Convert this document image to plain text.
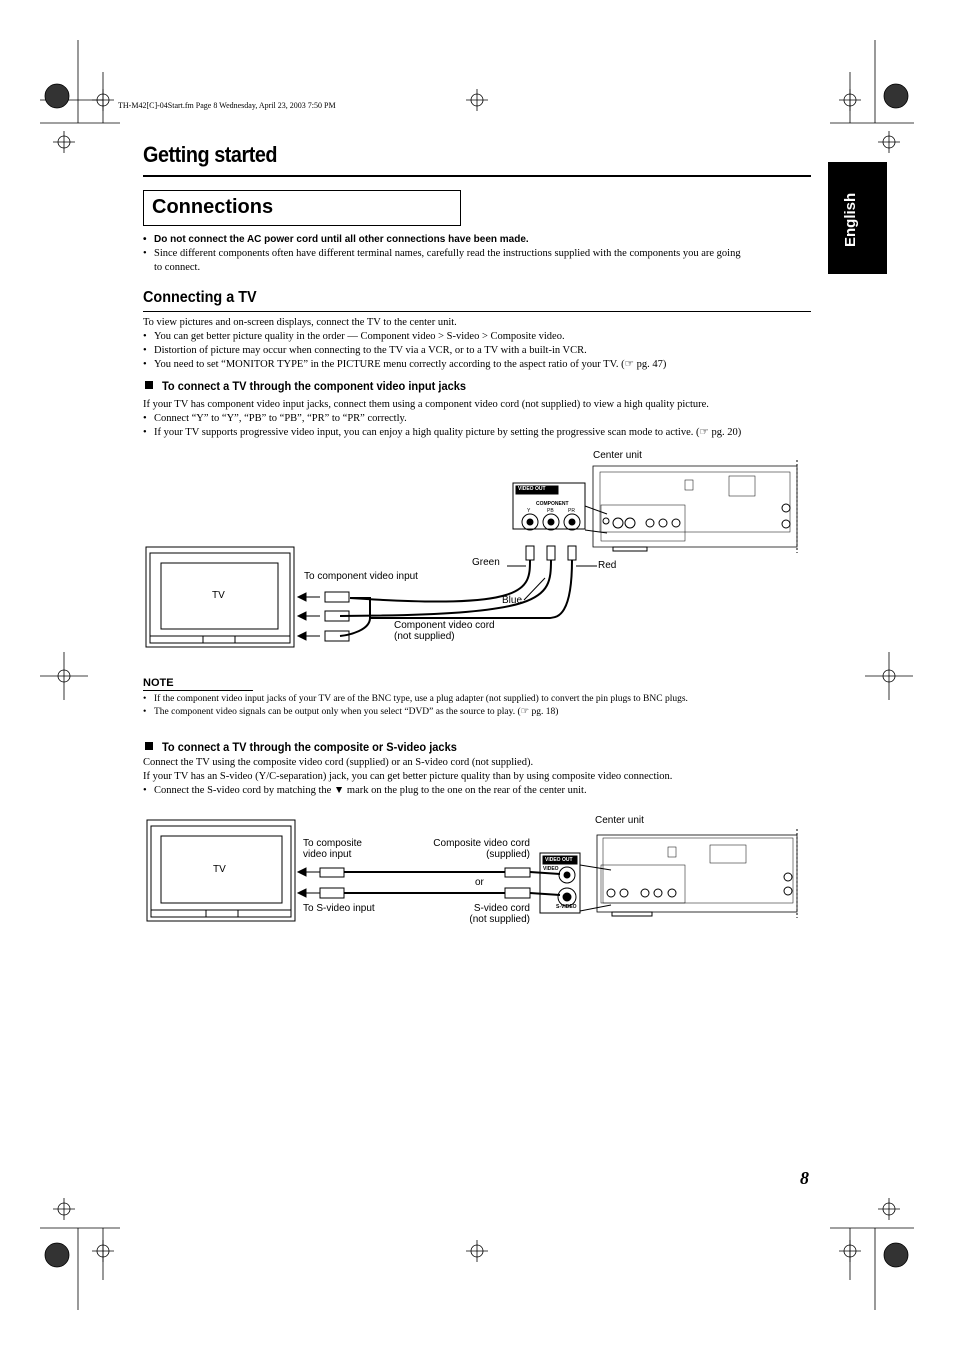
TH-M42[C]-04Start.fm Page 8 Wednesday, April 23, 2003 7:50 PM
Getting started
Connections	English
• Do not connect the AC power cord until all other connections have been made.
• Since different components often have different terminal names, carefully read the instructions supplied with the components you are going
to connect.
Connecting a TV
To view pictures and on-screen displays, connect the TV to the center unit.
• You can get better picture quality in the order — Component video > S-video > Composite video.
• Distortion of picture may occur when connecting to the TV via a VCR, or to a TV with a built-in VCR.
• You need to set “MONITOR TYPE” in the PICTURE menu correctly according to the aspect ratio of your TV. (☞ pg. 47)
To connect a TV through the component video input jacks
If your TV has component video input jacks, connect them using a component video cord (not supplied) to view a high quality picture.
• Connect “Y” to “Y”, “PB” to “PB”, “PR” to “PR” correctly.
• If your TV supports progressive video input, you can enjoy a high quality picture by setting the progressive scan mode to active. (☞ pg. 20)
Center unit
TV
To component video input
Green	Red
Blue
Component video cord
(not supplied)
VIDEO OUT
COMPONENT
Y	PB	PR
NOTE
• If the component video input jacks of your TV are of the BNC type, use a plug adapter (not supplied) to convert the pin plugs to BNC plugs.
• The component video signals can be output only when you select “DVD” as the source to play. (☞ pg. 18)
To connect a TV through the composite or S-video jacks
Connect the TV using the composite video cord (supplied) or an S-video cord (not supplied).
If your TV has an S-video (Y/C-separation) jack, you can get better picture quality than by using composite video connection.
• Connect the S-video cord by matching the ▼ mark on the plug to the one on the rear of the center unit.
Center unit
TV
To composite
video input
Composite video cord
(supplied)
or
To S-video input	S-video cord
(not supplied)
VIDEO OUT
VIDEO
S-VIDEO
8
